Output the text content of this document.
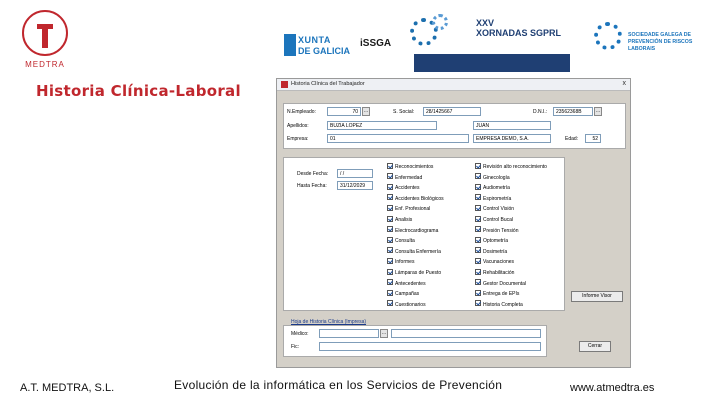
MEDTRA
XUNTA
DE GALICIA
iSSGA
XXV
XORNADAS SGPRL	SOCIEDADE GALEGA DE PREVENCIÓN DE RISCOS LABORAIS
Historia Clínica-Laboral	Historia Clínica del Trabajador	x
N.Empleado:	70	…	S. Social:	28/1425667	D.N.I.:	23562368B	…
Apellidos:	BUZIA LOPEZ	JUAN
Empresa:	01	EMPRESA DEMO, S.A.	Edad:	52
Desde Fecha:	/ /
Hasta Fecha:	31/12/2029
Reconocimientos
Enfermedad
Accidentes
Accidentes Biológicos
Enf. Profesional
Analisis
Electrocardiograma
Consulta
Consulta Enfermería
Informes
Lámparas de Puesto
Antecedentes
Campañas
Cuestionarios
Revisión alto reconocimiento
Ginecología
Audiometría
Espirometría
Control Visión
Control Bucal
Presión Tensión
Optometría
Dosimetría
Vacunaciones
Rehabilitación
Gestor Documental
Entrega de EPIs
Historia Completa
Informe Visor
Hoja de Historia Clínica (Impresa)
Médico:	…
Fic:	Cerrar
A.T. MEDTRA, S.L.	Evolución de la informática en los Servicios de Prevención	www.atmedtra.es
